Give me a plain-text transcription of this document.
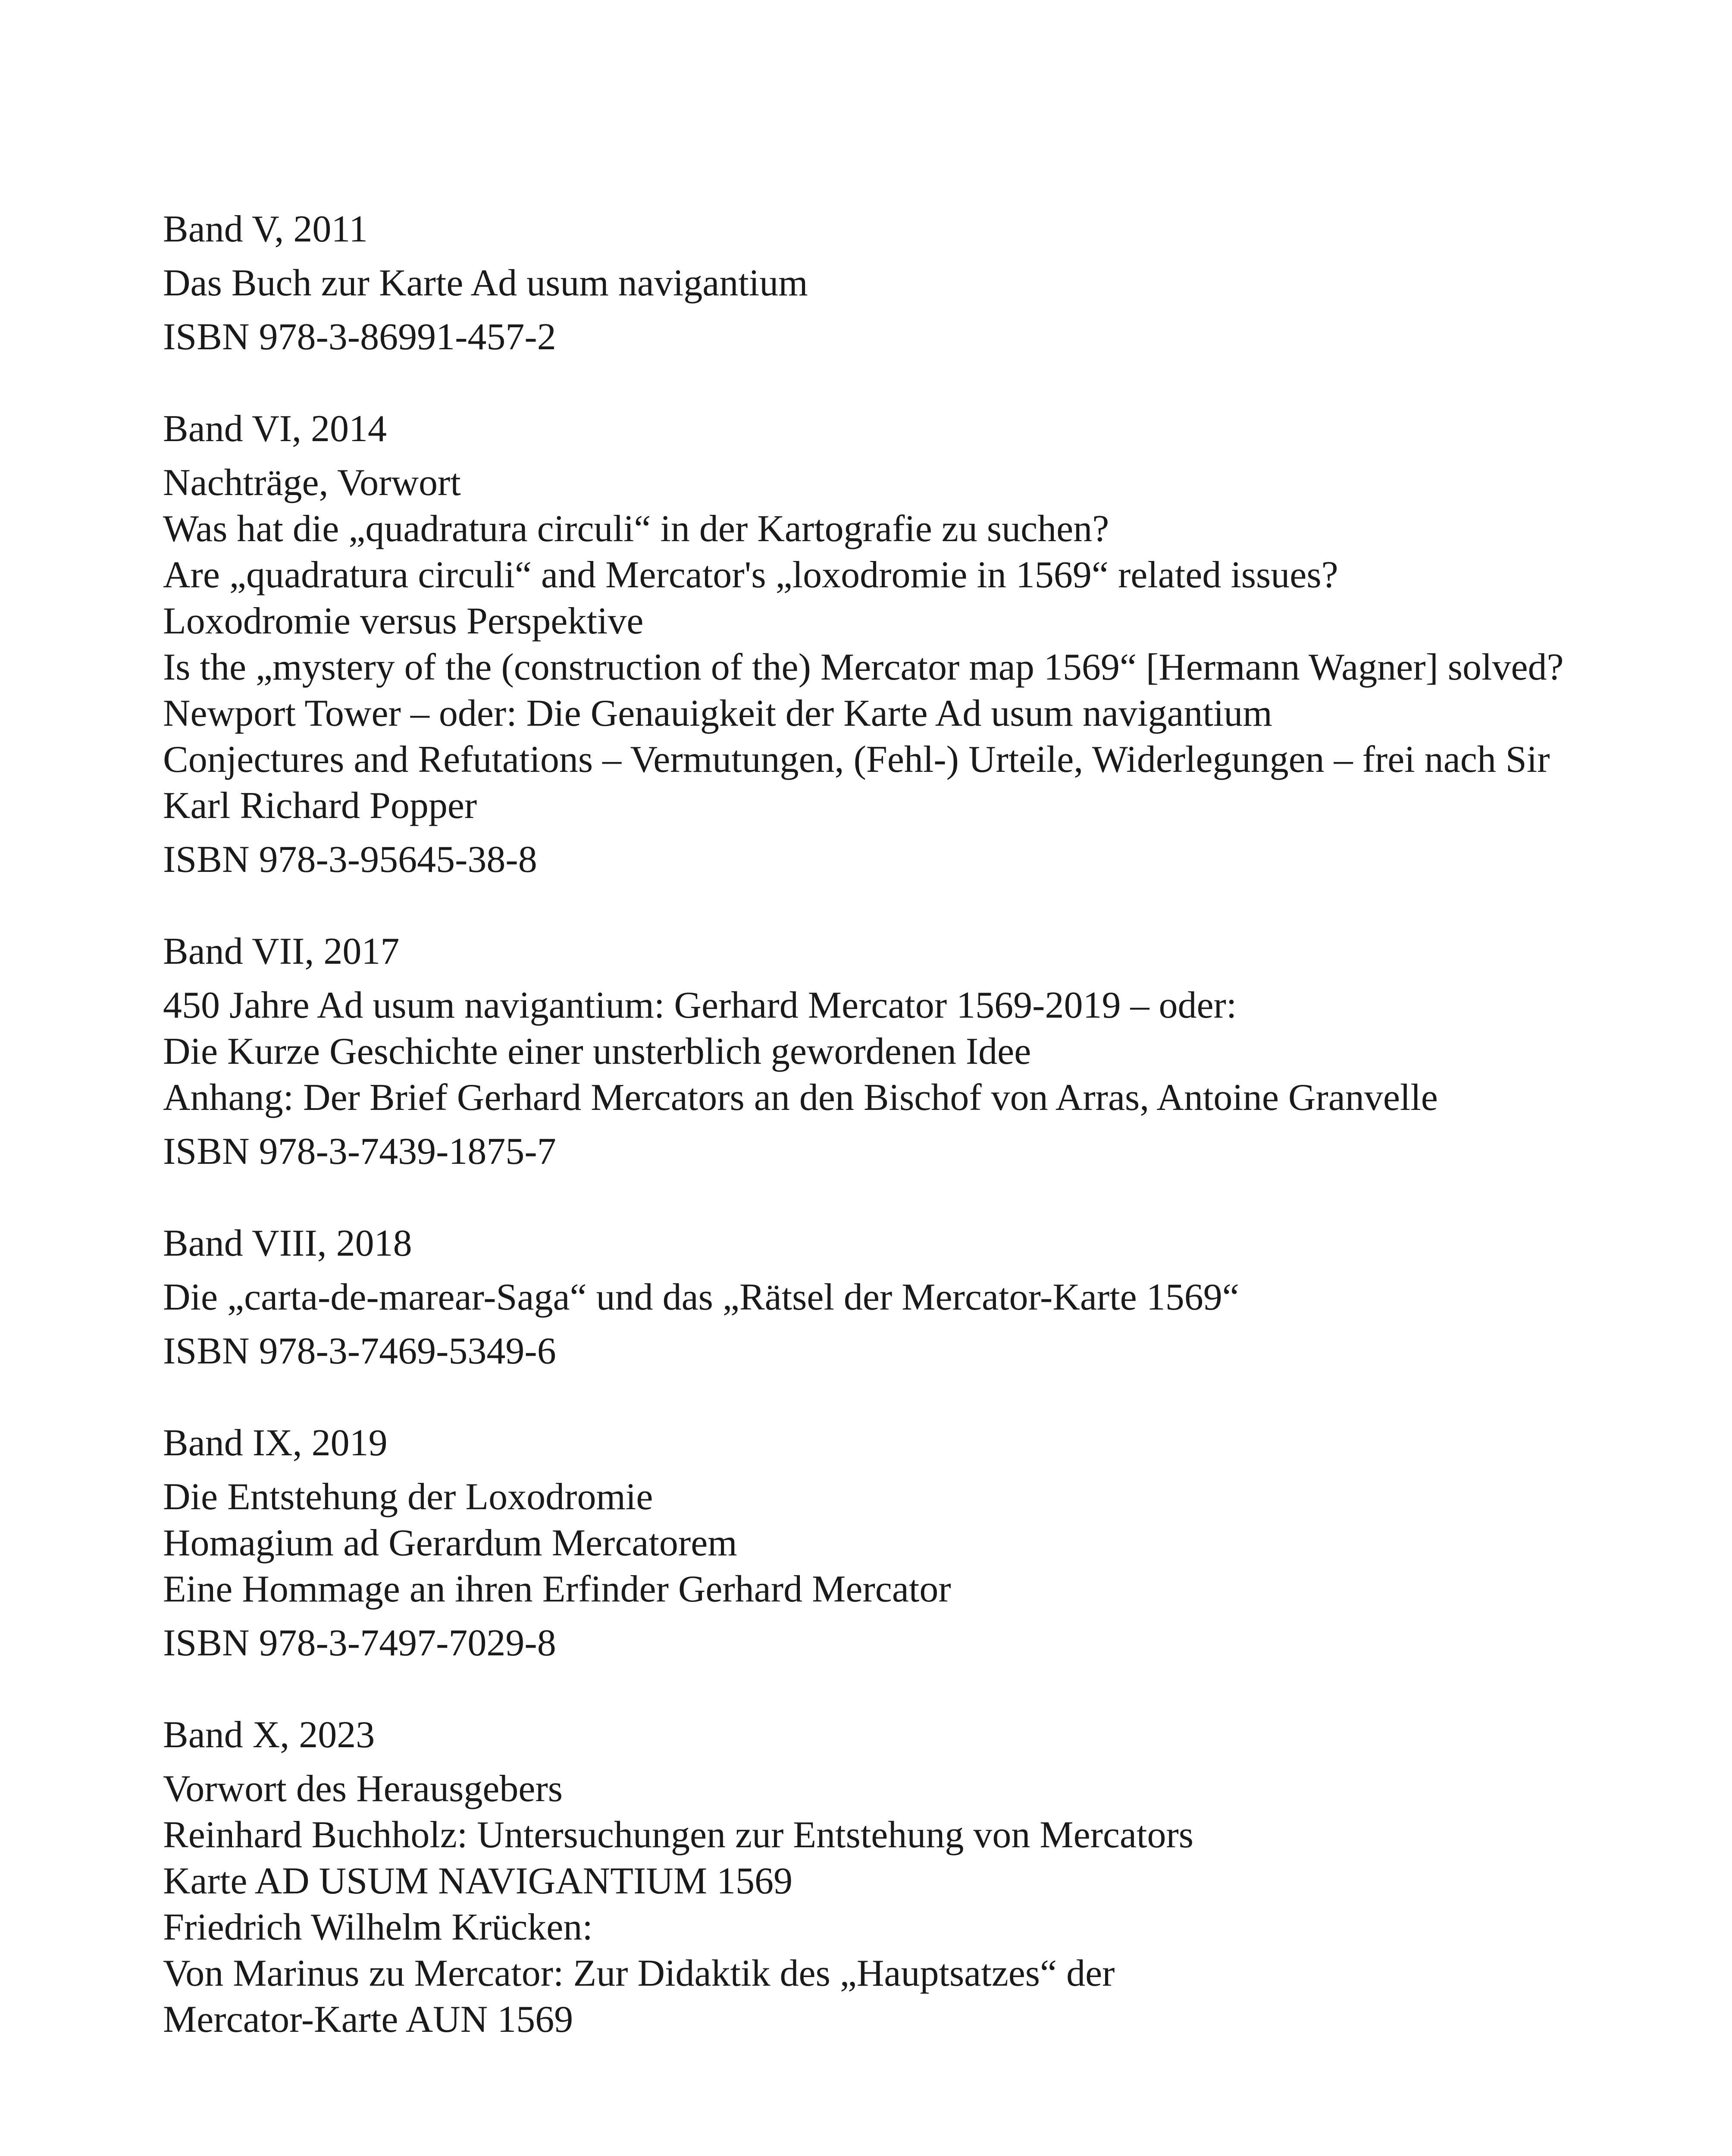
Band V, 2011
Das Buch zur Karte Ad usum navigantium
ISBN 978-3-86991-457-2
Band VI, 2014
Nachträge, Vorwort
Was hat die „quadratura circuli“ in der Kartografie zu suchen?
Are „quadratura circuli“ and Mercator's „loxodromie in 1569“ related issues?
Loxodromie versus Perspektive
Is the „mystery of the (construction of the) Mercator map 1569“ [Hermann Wagner] solved?
Newport Tower – oder: Die Genauigkeit der Karte Ad usum navigantium
Conjectures and Refutations – Vermutungen, (Fehl-) Urteile, Widerlegungen – frei nach Sir Karl Richard Popper
ISBN 978-3-95645-38-8
Band VII, 2017
450 Jahre Ad usum navigantium: Gerhard Mercator 1569-2019 – oder:
Die Kurze Geschichte einer unsterblich gewordenen Idee
Anhang: Der Brief Gerhard Mercators an den Bischof von Arras, Antoine Granvelle
ISBN 978-3-7439-1875-7
Band VIII, 2018
Die „carta-de-marear-Saga“ und das „Rätsel der Mercator-Karte 1569“
ISBN 978-3-7469-5349-6
Band IX, 2019
Die Entstehung der Loxodromie
Homagium ad Gerardum Mercatorem
Eine Hommage an ihren Erfinder Gerhard Mercator
ISBN 978-3-7497-7029-8
Band X, 2023
Vorwort des Herausgebers
Reinhard Buchholz: Untersuchungen zur Entstehung von Mercators
Karte AD USUM NAVIGANTIUM 1569
Friedrich Wilhelm Krücken:
Von Marinus zu Mercator: Zur Didaktik des „Hauptsatzes“ der
Mercator-Karte AUN 1569
